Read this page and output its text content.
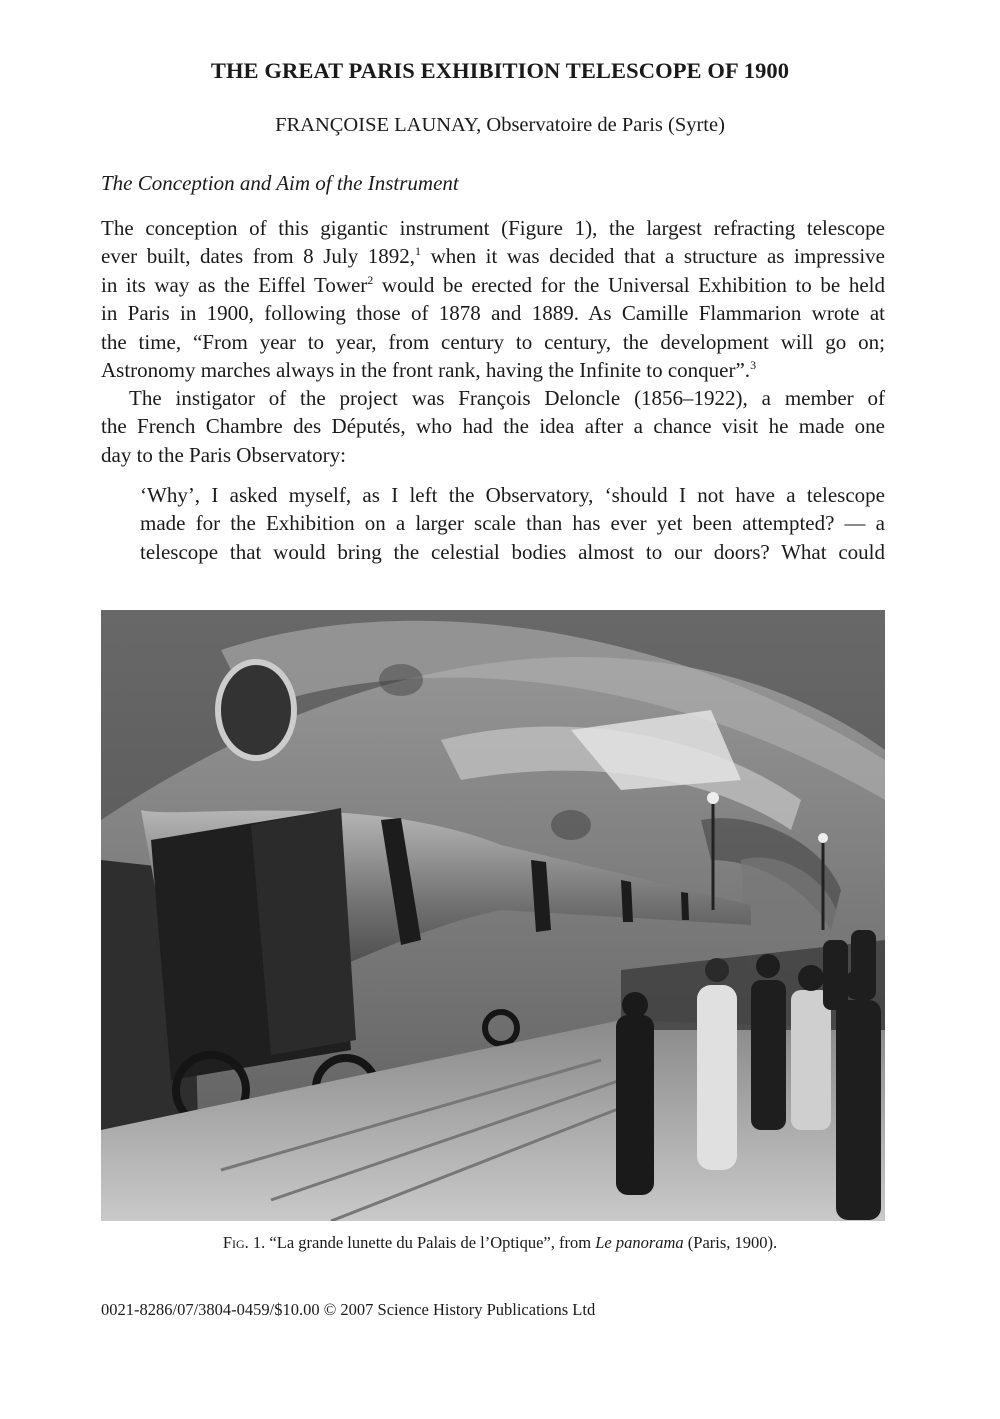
THE GREAT PARIS EXHIBITION TELESCOPE OF 1900
FRANÇOISE LAUNAY, Observatoire de Paris (Syrte)
The Conception and Aim of the Instrument
The conception of this gigantic instrument (Figure 1), the largest refracting telescope
ever built, dates from 8 July 1892,$^1$ when it was decided that a structure as impressive
in its way as the Eiffel Tower$^2$ would be erected for the Universal Exhibition to be held
in Paris in 1900, following those of 1878 and 1889. As Camille Flammarion wrote at
the time, “From year to year, from century to century, the development will go on;
Astronomy marches always in the front rank, having the Infinite to conquer”.$^3$
The instigator of the project was François Deloncle (1856–1922), a member of
the French Chambre des Députés, who had the idea after a chance visit he made one
day to the Paris Observatory:
‘Why’, I asked myself, as I left the Observatory, ‘should I not have a telescope
made for the Exhibition on a larger scale than has ever yet been attempted? — a
telescope that would bring the celestial bodies almost to our doors? What could
Fig. 1. “La grande lunette du Palais de l’Optique”, from Le panorama (Paris, 1900).
0021-8286/07/3804-0459/$10.00 © 2007 Science History Publications Ltd
